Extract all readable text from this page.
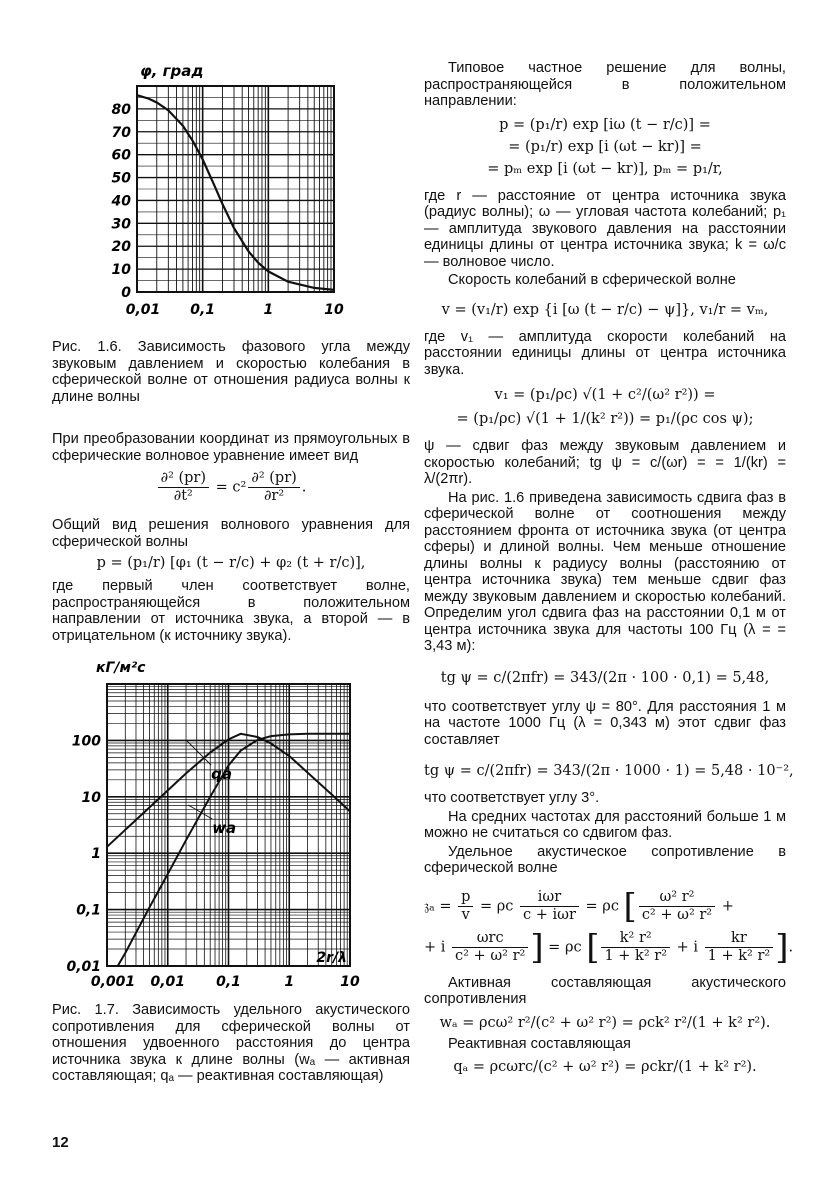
φ, град
0
10
20
30
40
50
60
70
80
0,01 0,1	1	10

Рис. 1.6. Зависимость фазового угла между звуковым давлением и скоростью колебания в сферической волне от отношения радиуса волны к длине волны

При преобразовании координат из прямоугольных в сферические волновое уравнение имеет вид

$\frac{\text{∂² (pr)}}{\text{∂t²}} = c^2 \frac{\text{∂² (pr)}}{\text{∂r²}}$ .

Общий вид решения волнового уравнения для сферической волны

p = (p₁/r) [φ₁ (t − r/c) + φ₂ (t + r/c)],

где первый член соответствует волне, распространяющейся в положительном направлении от источника звука, а второй — в отрицательном (к источнику звука).

кГ/м²с
0,01
0,1
1
10
100
0,001 0,01 0,1	1	10
2r/λ
qa
wa

Рис. 1.7. Зависимость удельного акустического сопротивления для сферической волны от отношения удвоенного расстояния до центра источника звука к длине волны (wₐ — активная составляющая; qₐ — реактивная составляющая)

Типовое частное решение для волны, распространяющейся в положительном направлении:

p = (p₁/r) exp [iω (t − r/c)] =

= (p₁/r) exp [i (ωt − kr)] =

= pₘ exp [i (ωt − kr)], pₘ = p₁/r,

где r — расстояние от центра источника звука (радиус волны); ω — угловая частота колебаний; p₁ — амплитуда звукового давления на расстоянии единицы длины от центра источника звука; k = ω/c — волновое число.

Скорость колебаний в сферической волне

v = (v₁/r) exp {i [ω (t − r/c) − ψ]}, v₁/r = vₘ,

где v₁ — амплитуда скорости колебаний на расстоянии единицы длины от центра источника звука.

v₁ = (p₁/ρc) √(1 + c²/(ω² r²)) =

= (p₁/ρc) √(1 + 1/(k² r²)) = p₁/(ρc cos ψ);

ψ — сдвиг фаз между звуковым давлением и скоростью колебаний; tg ψ = c/(ωr) = = 1/(kr) = λ/(2πr).

На рис. 1.6 приведена зависимость сдвига фаз в сферической волне от соотношения между расстоянием фронта от источника звука (от центра сферы) и длиной волны. Чем меньше отношение длины волны к радиусу волны (расстоянию от центра источника звука) тем меньше сдвиг фаз между звуковым давлением и скоростью колебаний. Определим угол сдвига фаз на расстоянии 0,1 м от центра источника звука для частоты 100 Гц (λ = = 3,43 м):

tg ψ = c/(2πfr) = 343/(2π · 100 · 0,1) = 5,48,

что соответствует углу ψ = 80°. Для расстояния 1 м на частоте 1000 Гц (λ = 0,343 м) этот сдвиг фаз составляет

tg ψ = c/(2πfr) = 343/(2π · 1000 · 1) = 5,48 · 10⁻²,

что соответствует углу 3°.

На средних частотах для расстояний больше 1 м можно не считаться со сдвигом фаз.

Удельное акустическое сопротивление в сферической волне

𝔷ₐ = $\frac{p}{v} = \rho c \frac{\text{iωr}}{\text{c + iωr}} = \rho c$ [ $\frac{\text{ω² r²}}{\text{c² + ω² r²}}$ +
+ i $\frac{\text{ωrc}}{\text{c² + ω² r²}}$ ] = ρc [ $\frac{\text{k² r²}}{\text{1 + k² r²}} + i \frac{kr}{\text{1 + k² r²}}$ ].

Активная составляющая акустического сопротивления

wₐ = ρcω² r²/(c² + ω² r²) = ρck² r²/(1 + k² r²).

Реактивная составляющая

qₐ = ρcωrc/(c² + ω² r²) = ρckr/(1 + k² r²).

12
